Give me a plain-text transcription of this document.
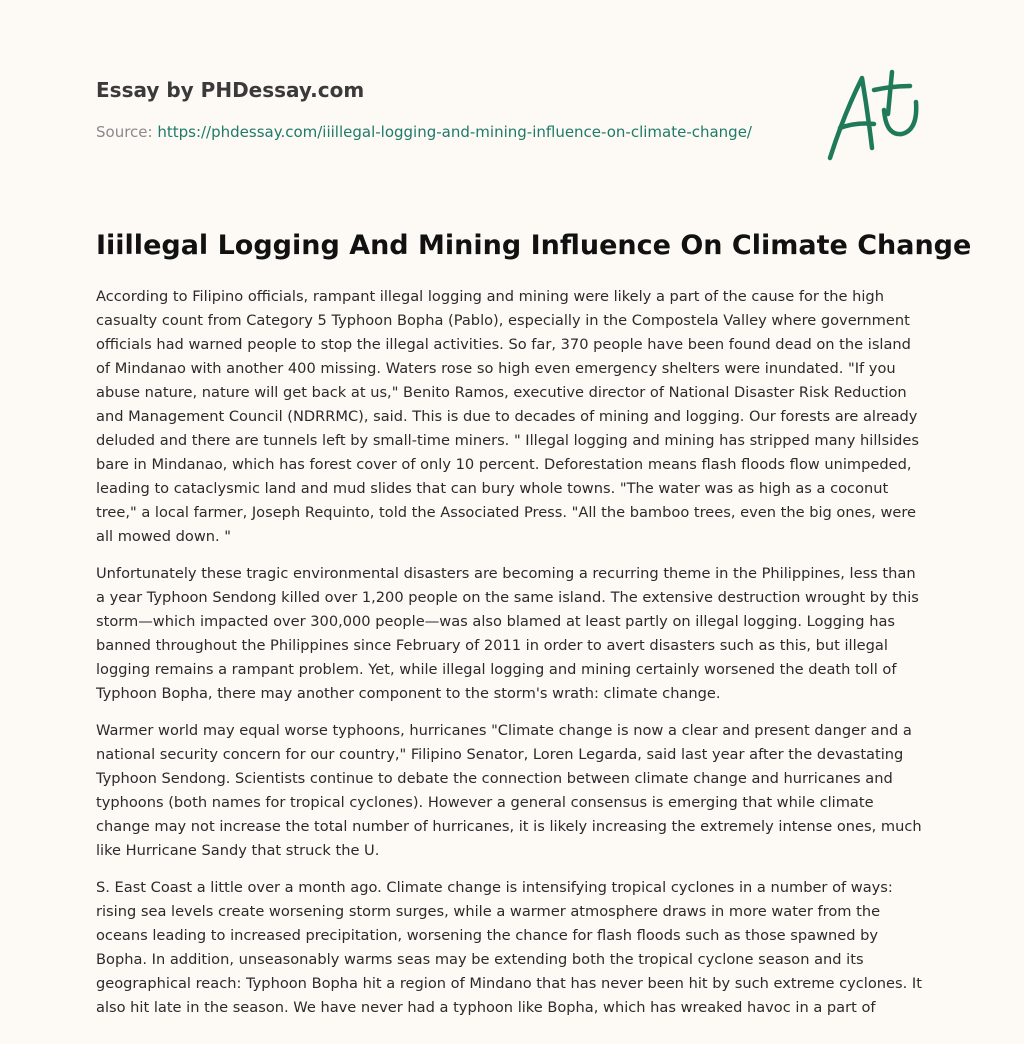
Essay by PHDessay.com
Source: https://phdessay.com/iiillegal-logging-and-mining-influence-on-climate-change/
Iiillegal Logging And Mining Influence On Climate Change

According to Filipino officials, rampant illegal logging and mining were likely a part of the cause for the high casualty count from Category 5 Typhoon Bopha (Pablo), especially in the Compostela Valley where government officials had warned people to stop the illegal activities. So far, 370 people have been found dead on the island of Mindanao with another 400 missing. Waters rose so high even emergency shelters were inundated. "If you abuse nature, nature will get back at us," Benito Ramos, executive director of National Disaster Risk Reduction and Management Council (NDRRMC), said. This is due to decades of mining and logging. Our forests are already deluded and there are tunnels left by small-time miners. " Illegal logging and mining has stripped many hillsides bare in Mindanao, which has forest cover of only 10 percent. Deforestation means flash floods flow unimpeded, leading to cataclysmic land and mud slides that can bury whole towns. "The water was as high as a coconut tree," a local farmer, Joseph Requinto, told the Associated Press. "All the bamboo trees, even the big ones, were all mowed down. "

Unfortunately these tragic environmental disasters are becoming a recurring theme in the Philippines, less than a year Typhoon Sendong killed over 1,200 people on the same island. The extensive destruction wrought by this storm—which impacted over 300,000 people—was also blamed at least partly on illegal logging. Logging has banned throughout the Philippines since February of 2011 in order to avert disasters such as this, but illegal logging remains a rampant problem. Yet, while illegal logging and mining certainly worsened the death toll of Typhoon Bopha, there may another component to the storm's wrath: climate change.

Warmer world may equal worse typhoons, hurricanes "Climate change is now a clear and present danger and a national security concern for our country," Filipino Senator, Loren Legarda, said last year after the devastating Typhoon Sendong. Scientists continue to debate the connection between climate change and hurricanes and typhoons (both names for tropical cyclones). However a general consensus is emerging that while climate change may not increase the total number of hurricanes, it is likely increasing the extremely intense ones, much like Hurricane Sandy that struck the U.

S. East Coast a little over a month ago. Climate change is intensifying tropical cyclones in a number of ways: rising sea levels create worsening storm surges, while a warmer atmosphere draws in more water from the oceans leading to increased precipitation, worsening the chance for flash floods such as those spawned by Bopha. In addition, unseasonably warms seas may be extending both the tropical cyclone season and its geographical reach: Typhoon Bopha hit a region of Mindano that has never been hit by such extreme cyclones. It also hit late in the season. We have never had a typhoon like Bopha, which has wreaked havoc in a part of
